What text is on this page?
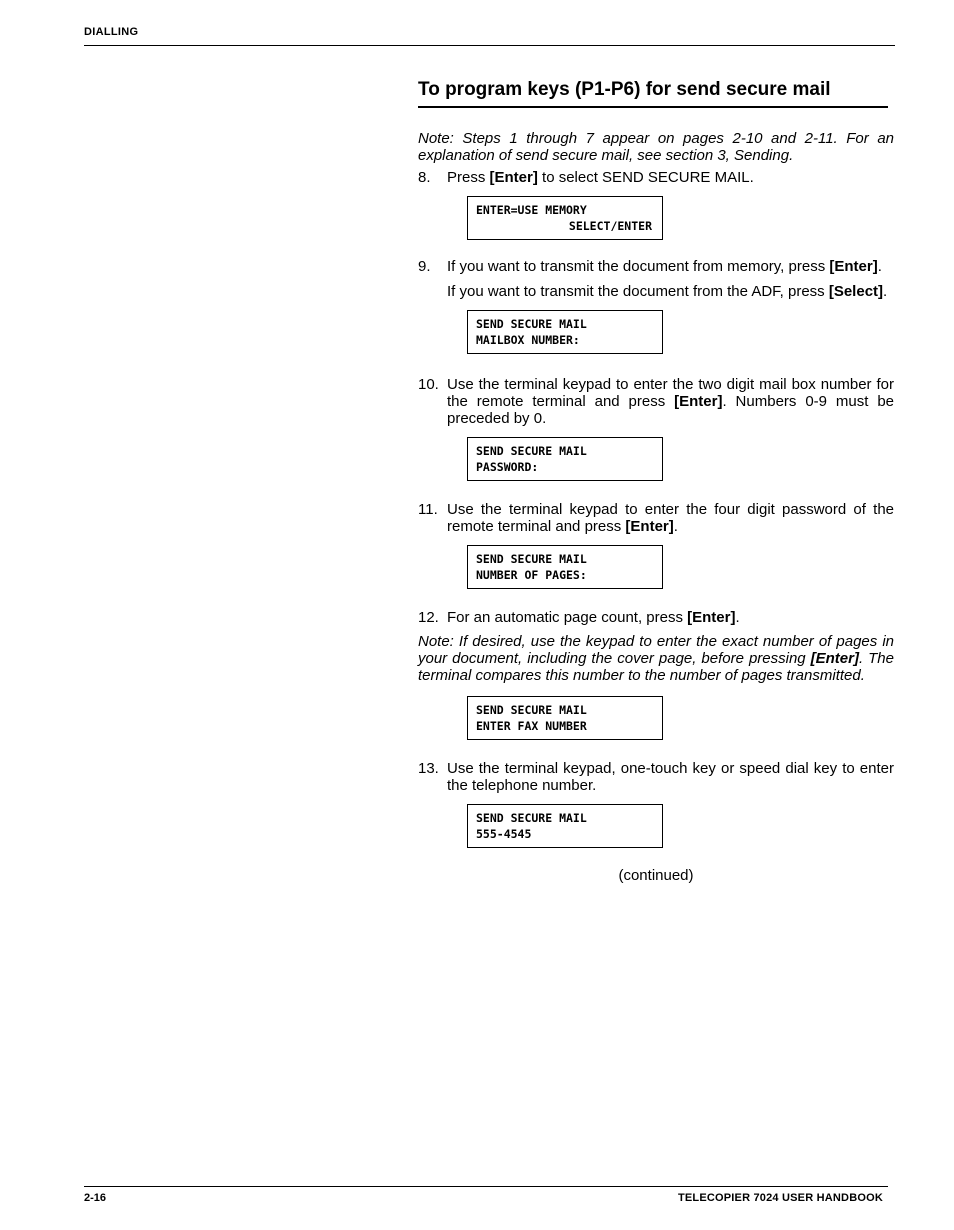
DIALLING
To program keys (P1-P6) for send secure mail

Note: Steps 1 through 7 appear on pages 2-10 and 2-11. For an explanation of send secure mail, see section 3, Sending.

8.	Press [Enter] to select SEND SECURE MAIL.

ENTER=USE MEMORY
SELECT/ENTER
9.	If you want to transmit the document from memory, press [Enter].

If you want to transmit the document from the ADF, press [Select].

SEND SECURE MAIL
MAILBOX NUMBER:
10. Use the terminal keypad to enter the two digit mail box number for the remote terminal and press [Enter]. Numbers 0-9 must be preceded by 0.

SEND SECURE MAIL
PASSWORD:
11. Use the terminal keypad to enter the four digit password of the remote terminal and press [Enter].

SEND SECURE MAIL
NUMBER OF PAGES:
12. For an automatic page count, press [Enter].

Note: If desired, use the keypad to enter the exact number of pages in your document, including the cover page, before pressing [Enter]. The terminal compares this number to the number of pages transmitted.

SEND SECURE MAIL
ENTER FAX NUMBER
13. Use the terminal keypad, one-touch key or speed dial key to enter the telephone number.

SEND SECURE MAIL
555-4545

(continued)

2-16	TELECOPIER 7024 USER HANDBOOK
